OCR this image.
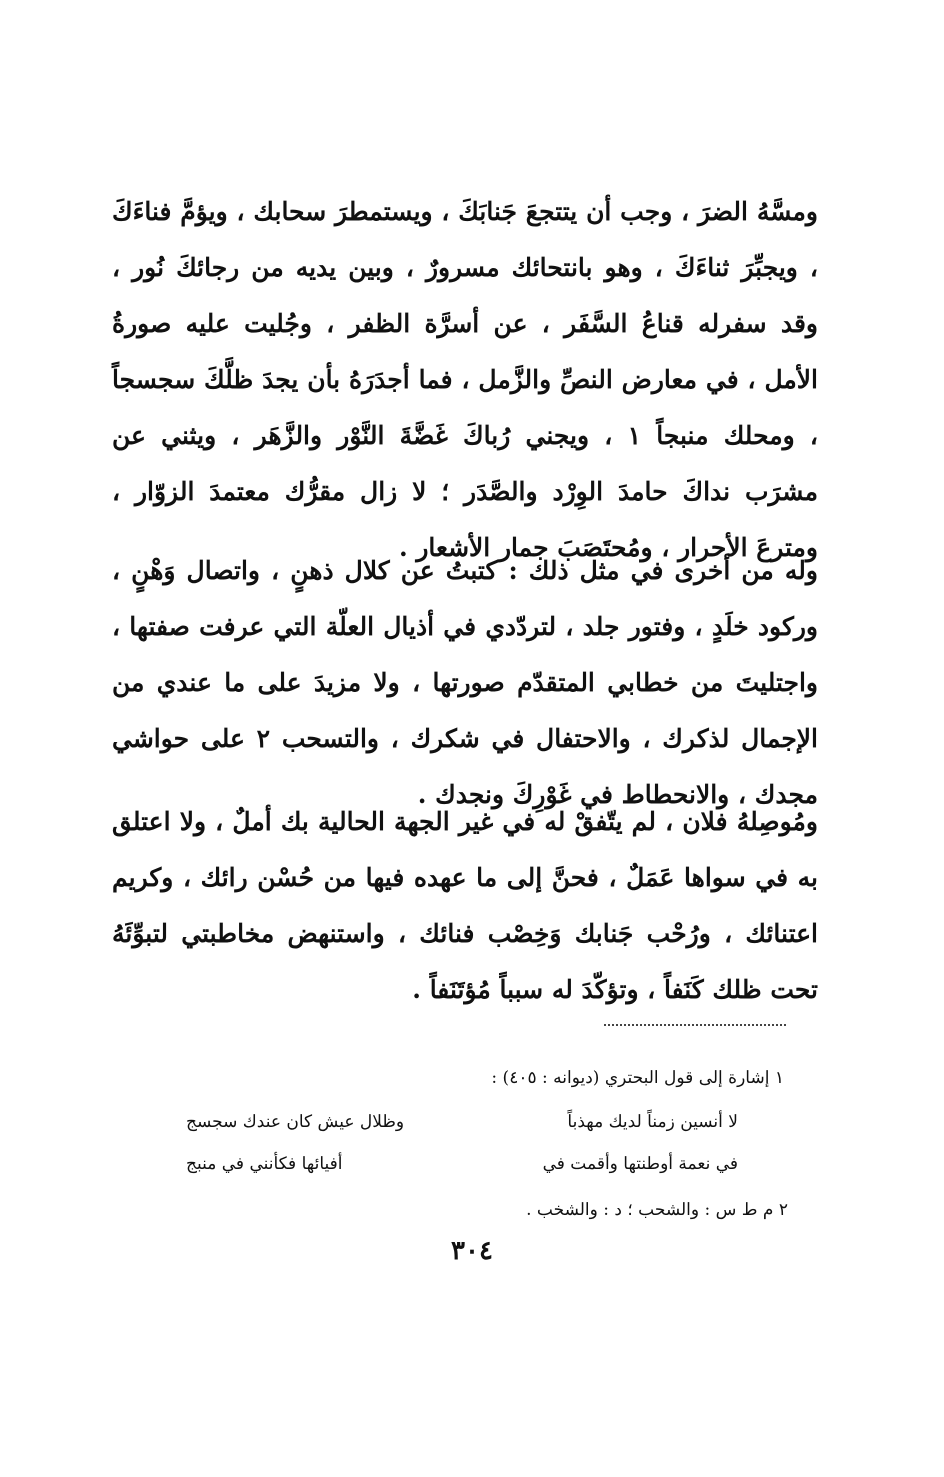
ومسَّهُ الضرَ ، وجب أن يتتجعَ جَنابَكَ ، ويستمطرَ سحابك ، ويؤمَّ فناءَكَ ، ويجبِّرَ ثناءَكَ ، وهو بانتحائك مسرورٌ ، وبين يديه من رجائكَ نُور ، وقد سفرله قناعُ السَّفَر ، عن أسرَّة الظفر ، وجُليت عليه صورةُ الأمل ، في معارض النصِّ والزَّمل ، فما أجدَرَهُ بأن يجدَ ظلَّكَ سجسجاً ، ومحلك منبجاً ١ ، ويجني رُباكَ غَضَّةَ النَّوْر والزَّهَر ، ويثني عن مشرَب نداكَ حامدَ الوِرْد والصَّدَر ؛ لا زال مقرُّك معتمدَ الزوّار ، ومترعَ الأحرار ، ومُحتَصَبَ جمار الأشعار .

وله من أخرى في مثل ذلك : كتبتُ عن كلال ذهنٍ ، واتصال وَهْنٍ ، وركود خلَدٍ ، وفتور جلد ، لتردّدي في أذيال العلّة التي عرفت صفتها ، واجتليتَ من خطابي المتقدّم صورتها ، ولا مزيدَ على ما عندي من الإجمال لذكرك ، والاحتفال في شكرك ، والتسحب ٢ على حواشي مجدك ، والانحطاط في غَوْرِكَ ونجدك .

ومُوصِلهُ فلان ، لم يتّفقْ له في غير الجهة الحالية بك أملٌ ، ولا اعتلق به في سواها عَمَلٌ ، فحنَّ إلى ما عهده فيها من حُسْن رائك ، وكريم اعتنائك ، ورُحْب جَنابك وَخِصْب فنائك ، واستنهض مخاطبتي لتبوِّئَهُ تحت ظلك كَنَفاً ، وتؤكّدَ له سبباً مُؤتَنَفاً .

١ إشارة إلى قول البحتري (ديوانه : ٤٠٥) :

لا أنسين زمناً لديك مهذباً
وظلال عيش كان عندك سجسج
في نعمة أوطنتها وأقمت في
أفيائها فكأنني في منبج

٢ م ط س : والشحب ؛ د : والشخب .

٣٠٤
